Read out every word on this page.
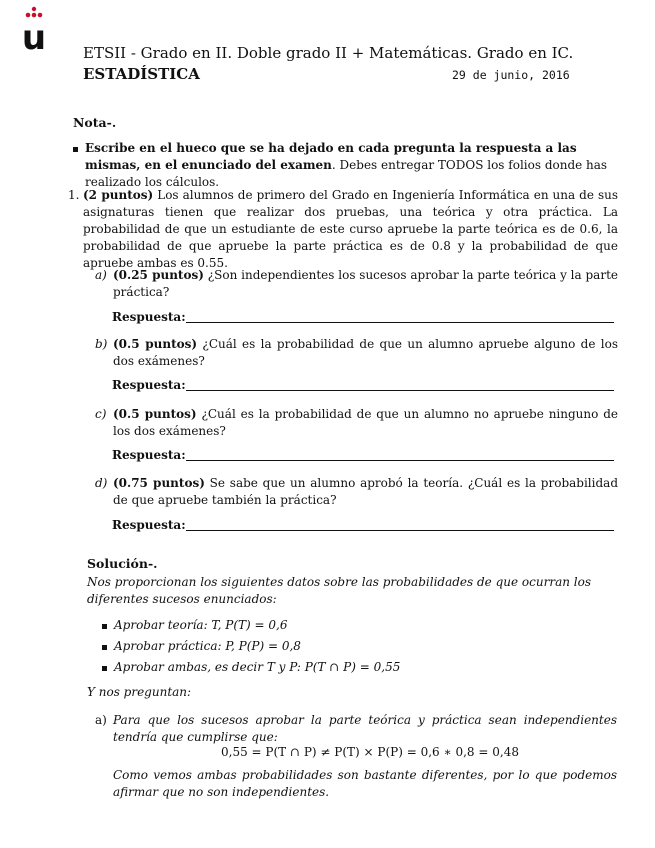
u ETSII - Grado en II. Doble grado II + Matemáticas. Grado en IC.
ESTADÍSTICA	29 de junio, 2016
Nota-.
Escribe en el hueco que se ha dejado en cada pregunta la respuesta a las mismas, en el enunciado del examen. Debes entregar TODOS los folios donde has realizado los cálculos.
1. (2 puntos) Los alumnos de primero del Grado en Ingeniería Informática en una de sus asignaturas tienen que realizar dos pruebas, una teórica y otra práctica. La probabilidad de que un estudiante de este curso apruebe la parte teórica es de 0.6, la probabilidad de que apruebe la parte práctica es de 0.8 y la probabilidad de que apruebe ambas es 0.55.
a) (0.25 puntos) ¿Son independientes los sucesos aprobar la parte teórica y la parte práctica?
Respuesta:
b) (0.5 puntos) ¿Cuál es la probabilidad de que un alumno apruebe alguno de los dos exámenes?
Respuesta:
c) (0.5 puntos) ¿Cuál es la probabilidad de que un alumno no apruebe ninguno de los dos exámenes?
Respuesta:
d) (0.75 puntos) Se sabe que un alumno aprobó la teoría. ¿Cuál es la probabilidad de que apruebe también la práctica?
Respuesta:
Solución-.
Nos proporcionan los siguientes datos sobre las probabilidades de que ocurran los diferentes sucesos enunciados:
Aprobar teoría: T, P(T) = 0,6
Aprobar práctica: P, P(P) = 0,8
Aprobar ambas, es decir T y P: P(T ∩ P) = 0,55
Y nos preguntan:
a) Para que los sucesos aprobar la parte teórica y práctica sean independientes tendría que cumplirse que:
0,55 = P(T ∩ P) ≠ P(T) × P(P) = 0,6 ∗ 0,8 = 0,48
Como vemos ambas probabilidades son bastante diferentes, por lo que podemos afirmar que no son independientes.
